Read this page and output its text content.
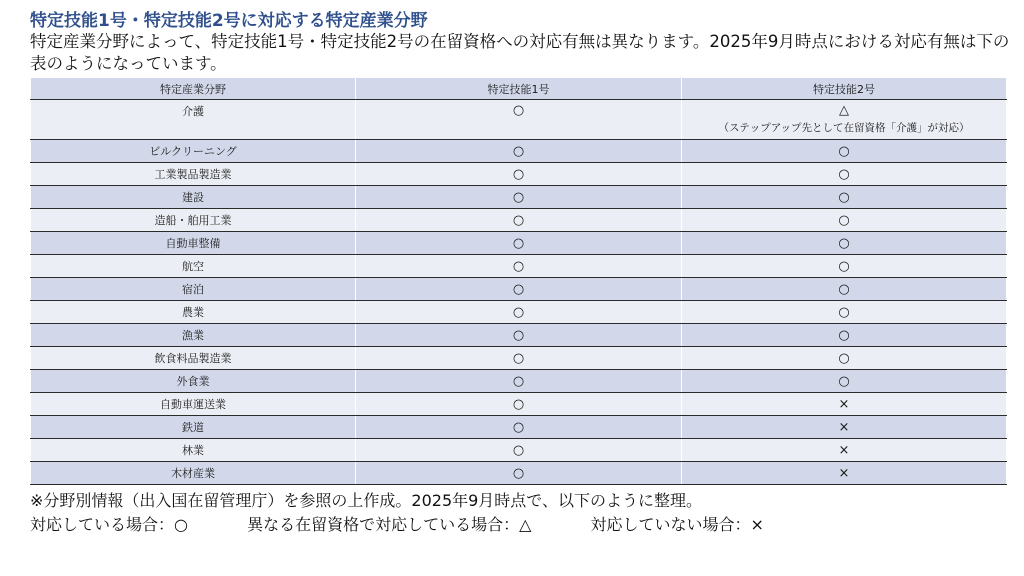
特定技能1号・特定技能2号に対応する特定産業分野
特定産業分野によって、特定技能1号・特定技能2号の在留資格への対応有無は異なります。2025年9月時点における対応有無は下の表のようになっています。
特定産業分野	特定技能1号	特定技能2号
介護	○	△
（ステップアップ先として在留資格「介護」が対応）

ビルクリーニング	○	○
工業製品製造業	○	○
建設	○	○
造船・舶用工業	○	○
自動車整備	○	○
航空	○	○
宿泊	○	○
農業	○	○
漁業	○	○
飲食料品製造業	○	○
外食業	○	○
自動車運送業	○	×
鉄道	○	×
林業	○	×
木材産業	○	×
※分野別情報（出入国在留管理庁）を参照の上作成。2025年9月時点で、以下のように整理。
対応している場合：○	異なる在留資格で対応している場合：△	対応していない場合：×
